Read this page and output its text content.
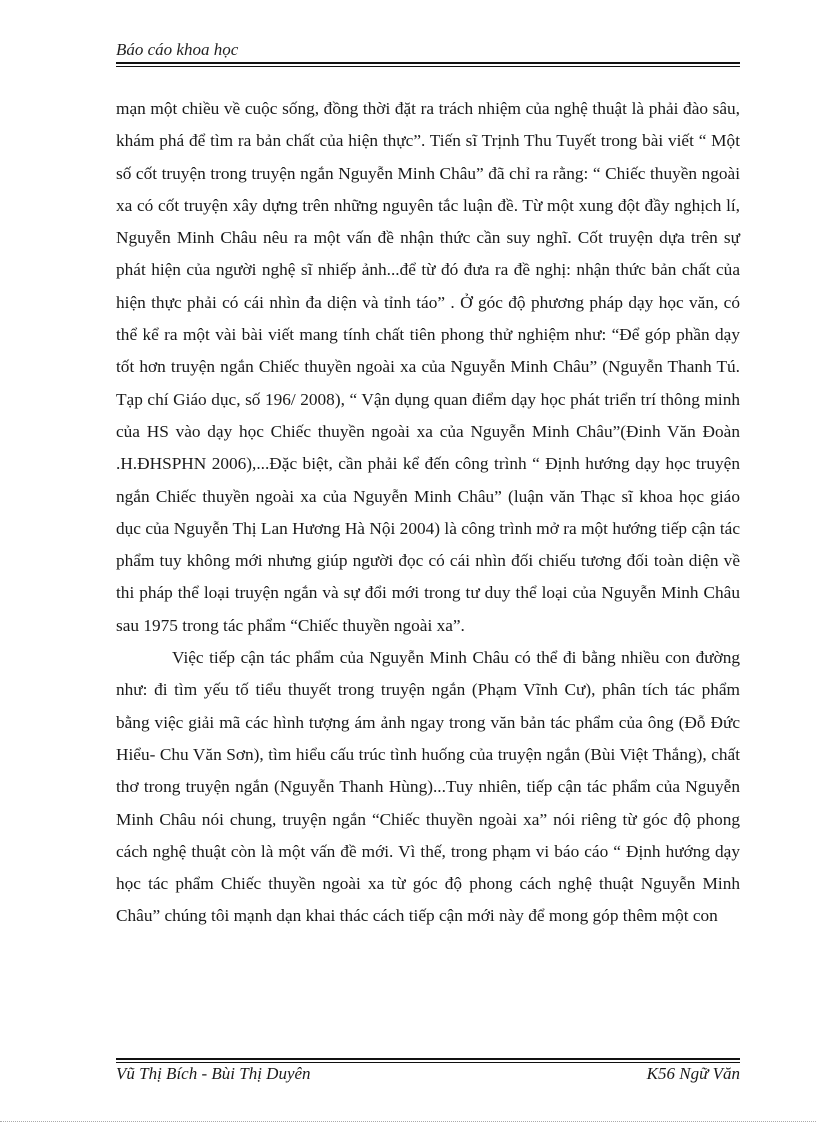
Báo cáo khoa học

mạn một chiều về cuộc sống, đồng thời đặt ra trách nhiệm của nghệ thuật là phải đào sâu, khám phá để tìm ra bản chất của hiện thực”. Tiến sĩ Trịnh Thu Tuyết trong bài viết “ Một số cốt truyện trong truyện ngắn Nguyễn Minh Châu” đã chỉ ra rằng: “ Chiếc thuyền ngoài xa có cốt truyện xây dựng trên những nguyên tắc luận đề. Từ một xung đột đầy nghịch lí, Nguyễn Minh Châu nêu ra một vấn đề nhận thức cần suy nghĩ. Cốt truyện dựa trên sự phát hiện của người nghệ sĩ nhiếp ảnh...để từ đó đưa ra đề nghị: nhận thức bản chất của hiện thực phải có cái nhìn đa diện và tỉnh táo” . Ở góc độ phương pháp dạy học văn, có thể kể ra một vài bài viết mang tính chất tiên phong thử nghiệm như: “Để góp phần dạy tốt hơn truyện ngắn Chiếc thuyền ngoài xa của Nguyễn Minh Châu” (Nguyễn Thanh Tú. Tạp chí Giáo dục, số 196/ 2008), “ Vận dụng quan điểm dạy học phát triển trí thông minh của HS vào dạy học Chiếc thuyền ngoài xa của Nguyễn Minh Châu”(Đinh Văn Đoàn .H.ĐHSPHN 2006),...Đặc biệt, cần phải kể đến công trình “ Định hướng dạy học truyện ngắn Chiếc thuyền ngoài xa của Nguyễn Minh Châu” (luận văn Thạc sĩ khoa học giáo dục của Nguyễn Thị Lan Hương Hà Nội 2004) là công trình mở ra một hướng tiếp cận tác phẩm tuy không mới nhưng giúp người đọc có cái nhìn đối chiếu tương đối toàn diện về thi pháp thể loại truyện ngắn và sự đổi mới trong tư duy thể loại của Nguyễn Minh Châu sau 1975 trong tác phẩm “Chiếc thuyền ngoài xa”.

Việc tiếp cận tác phẩm của Nguyễn Minh Châu có thể đi bằng nhiều con đường như: đi tìm yếu tố tiểu thuyết trong truyện ngắn (Phạm Vĩnh Cư), phân tích tác phẩm bằng việc giải mã các hình tượng ám ảnh ngay trong văn bản tác phẩm của ông (Đỗ Đức Hiểu- Chu Văn Sơn), tìm hiểu cấu trúc tình huống của truyện ngắn (Bùi Việt Thắng), chất thơ trong truyện ngắn (Nguyễn Thanh Hùng)...Tuy nhiên, tiếp cận tác phẩm của Nguyễn Minh Châu nói chung, truyện ngắn “Chiếc thuyền ngoài xa” nói riêng từ góc độ phong cách nghệ thuật còn là một vấn đề mới. Vì thế, trong phạm vi báo cáo “ Định hướng dạy học tác phẩm Chiếc thuyền ngoài xa từ góc độ phong cách nghệ thuật Nguyễn Minh Châu” chúng tôi mạnh dạn khai thác cách tiếp cận mới này để mong góp thêm một con

Vũ Thị Bích - Bùi Thị Duyên	K56 Ngữ Văn
